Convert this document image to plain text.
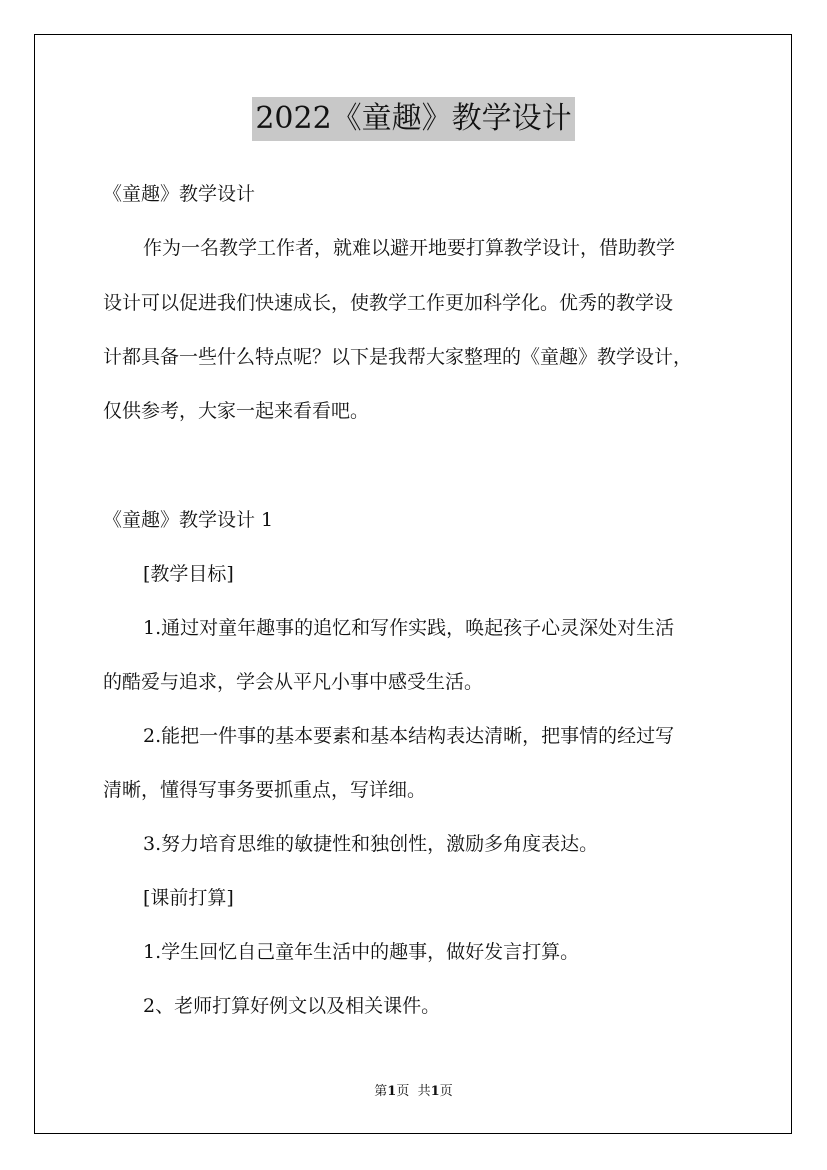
2022《童趣》教学设计
《童趣》教学设计
作为一名教学工作者，就难以避开地要打算教学设计，借助教学
设计可以促进我们快速成长，使教学工作更加科学化。优秀的教学设
计都具备一些什么特点呢？以下是我帮大家整理的《童趣》教学设计，
仅供参考，大家一起来看看吧。
《童趣》教学设计 1
[教学目标]
1.通过对童年趣事的追忆和写作实践，唤起孩子心灵深处对生活
的酷爱与追求，学会从平凡小事中感受生活。
2.能把一件事的基本要素和基本结构表达清晰，把事情的经过写
清晰，懂得写事务要抓重点，写详细。
3.努力培育思维的敏捷性和独创性，激励多角度表达。
[课前打算]
1.学生回忆自己童年生活中的趣事，做好发言打算。
2、老师打算好例文以及相关课件。
第1页 共1页
